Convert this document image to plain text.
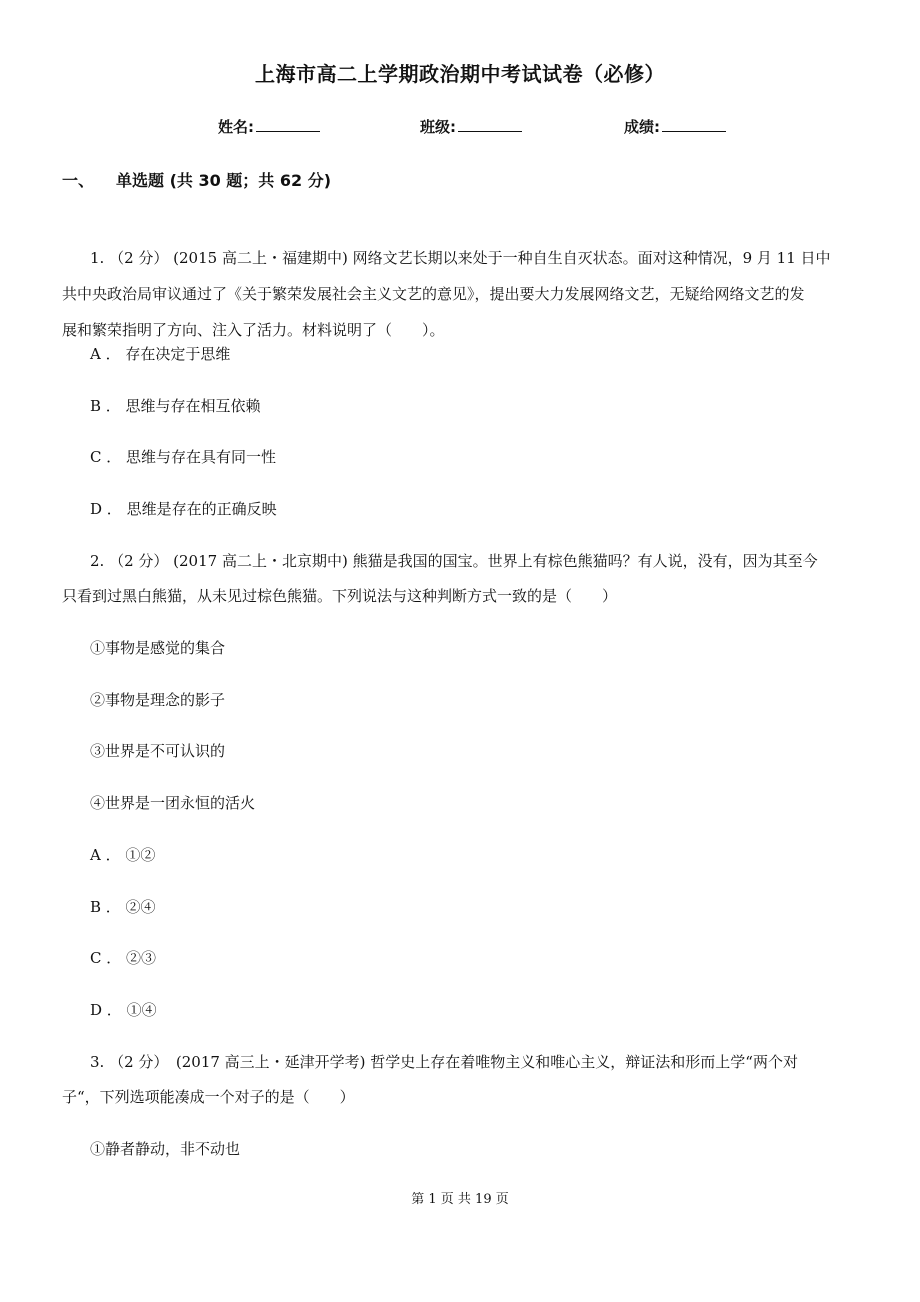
上海市高二上学期政治期中考试试卷（必修）
姓名:	班级:	成绩:
一、 单选题 (共 30 题；共 62 分)
1. （2 分） (2015 高二上・福建期中) 网络文艺长期以来处于一种自生自灭状态。面对这种情况，9 月 11 日中
共中央政治局审议通过了《关于繁荣发展社会主义文艺的意见》，提出要大力发展网络文艺，无疑给网络文艺的发
展和繁荣指明了方向、注入了活力。材料说明了（　　）。
A ． 存在决定于思维
B ． 思维与存在相互依赖
C ． 思维与存在具有同一性
D ． 思维是存在的正确反映
2. （2 分） (2017 高二上・北京期中) 熊猫是我国的国宝。世界上有棕色熊猫吗？有人说，没有，因为其至今
只看到过黑白熊猫，从未见过棕色熊猫。下列说法与这种判断方式一致的是（　　）
①事物是感觉的集合
②事物是理念的影子
③世界是不可认识的
④世界是一团永恒的活火
A ． ①②
B ． ②④
C ． ②③
D ． ①④
3. （2 分）　(2017 高三上・延津开学考) 哲学史上存在着唯物主义和唯心主义，辩证法和形而上学“两个对
子“，下列选项能凑成一个对子的是（　　）
①静者静动，非不动也
第 1 页 共 19 页
